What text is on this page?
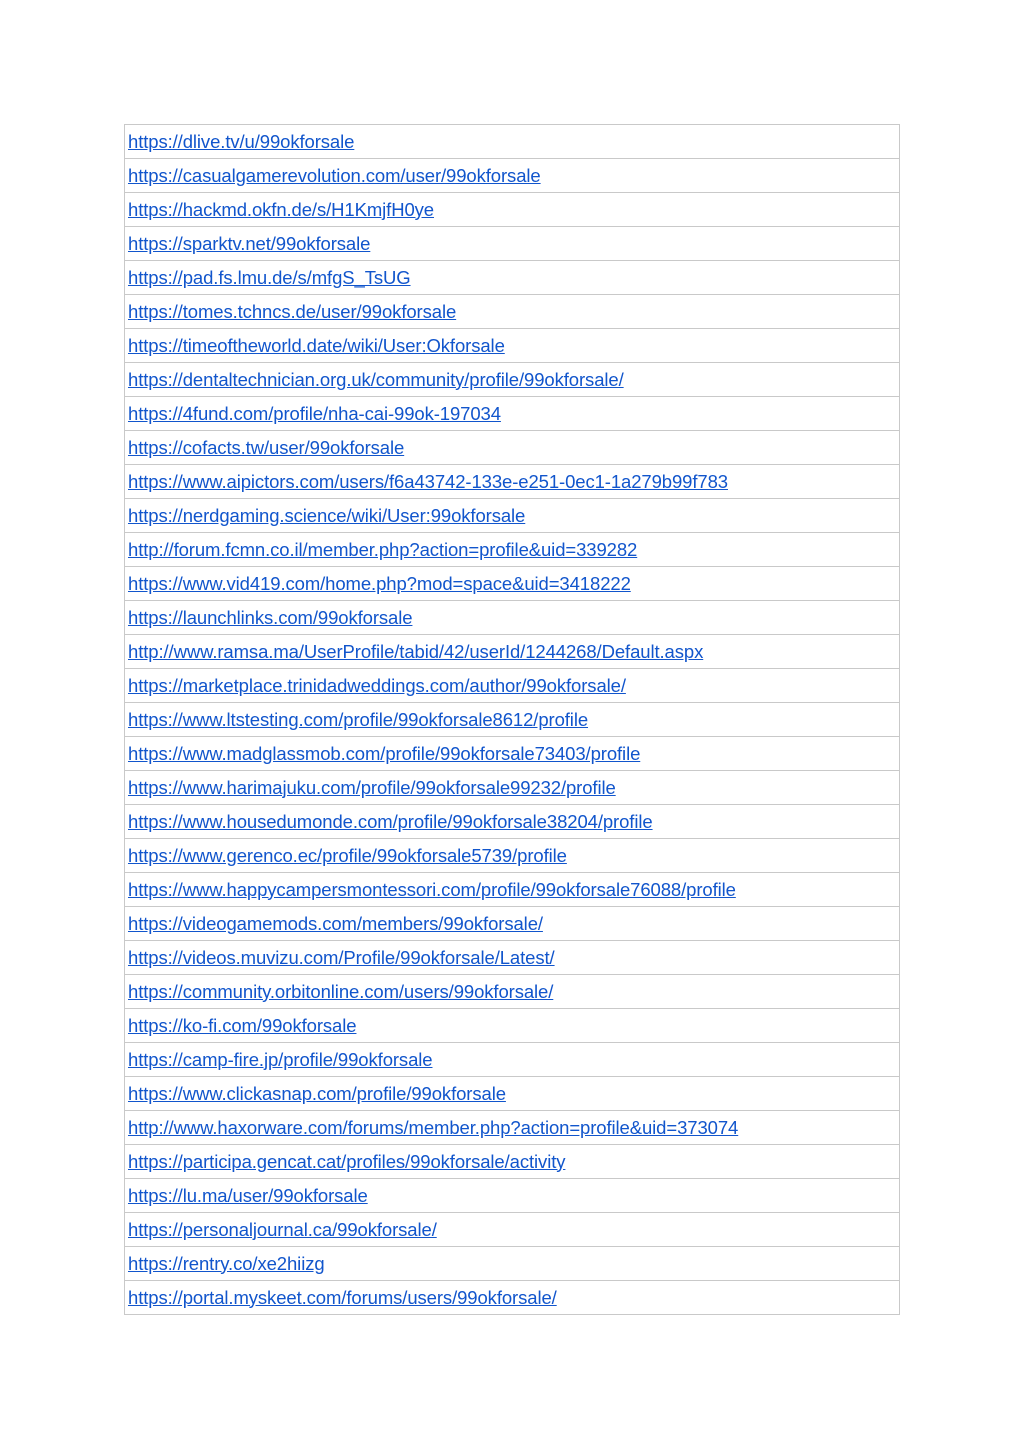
https://dlive.tv/u/99okforsale
https://casualgamerevolution.com/user/99okforsale
https://hackmd.okfn.de/s/H1KmjfH0ye
https://sparktv.net/99okforsale
https://pad.fs.lmu.de/s/mfgS_TsUG
https://tomes.tchncs.de/user/99okforsale
https://timeoftheworld.date/wiki/User:Okforsale
https://dentaltechnician.org.uk/community/profile/99okforsale/
https://4fund.com/profile/nha-cai-99ok-197034
https://cofacts.tw/user/99okforsale
https://www.aipictors.com/users/f6a43742-133e-e251-0ec1-1a279b99f783
https://nerdgaming.science/wiki/User:99okforsale
http://forum.fcmn.co.il/member.php?action=profile&uid=339282
https://www.vid419.com/home.php?mod=space&uid=3418222
https://launchlinks.com/99okforsale
http://www.ramsa.ma/UserProfile/tabid/42/userId/1244268/Default.aspx
https://marketplace.trinidadweddings.com/author/99okforsale/
https://www.ltstesting.com/profile/99okforsale8612/profile
https://www.madglassmob.com/profile/99okforsale73403/profile
https://www.harimajuku.com/profile/99okforsale99232/profile
https://www.housedumonde.com/profile/99okforsale38204/profile
https://www.gerenco.ec/profile/99okforsale5739/profile
https://www.happycampersmontessori.com/profile/99okforsale76088/profile
https://videogamemods.com/members/99okforsale/
https://videos.muvizu.com/Profile/99okforsale/Latest/
https://community.orbitonline.com/users/99okforsale/
https://ko-fi.com/99okforsale
https://camp-fire.jp/profile/99okforsale
https://www.clickasnap.com/profile/99okforsale
http://www.haxorware.com/forums/member.php?action=profile&uid=373074
https://participa.gencat.cat/profiles/99okforsale/activity
https://lu.ma/user/99okforsale
https://personaljournal.ca/99okforsale/
https://rentry.co/xe2hiizg
https://portal.myskeet.com/forums/users/99okforsale/
